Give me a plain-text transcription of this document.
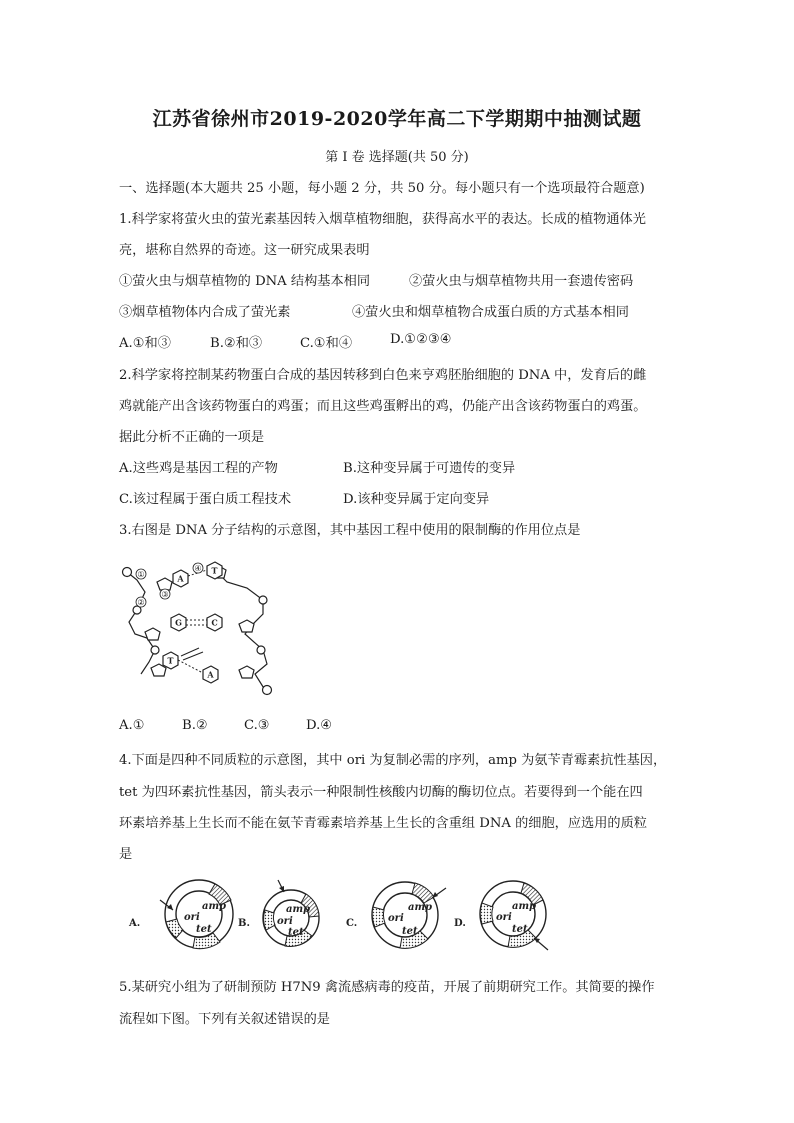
江苏省徐州市2019-2020学年高二下学期期中抽测试题
第 I 卷 选择题(共 50 分)
一、选择题(本大题共 25 小题，每小题 2 分，共 50 分。每小题只有一个选项最符合题意)
1.科学家将萤火虫的萤光素基因转入烟草植物细胞，获得高水平的表达。长成的植物通体光
亮，堪称自然界的奇迹。这一研究成果表明
①萤火虫与烟草植物的 DNA 结构基本相同	②萤火虫与烟草植物共用一套遗传密码
③烟草植物体内合成了萤光素	④萤火虫和烟草植物合成蛋白质的方式基本相同
A.①和③	B.②和③	C.①和④	D.①②③④
2.科学家将控制某药物蛋白合成的基因转移到白色来亨鸡胚胎细胞的 DNA 中，发育后的雌
鸡就能产出含该药物蛋白的鸡蛋；而且这些鸡蛋孵出的鸡，仍能产出含该药物蛋白的鸡蛋。
据此分析不正确的一项是
A.这些鸡是基因工程的产物	B.这种变异属于可遗传的变异
C.该过程属于蛋白质工程技术	D.该种变异属于定向变异
3.右图是 DNA 分子结构的示意图，其中基因工程中使用的限制酶的作用位点是
A
T
G	C
T
A
①
②
③
④
A.①	B.②	C.③	D.④
4.下面是四种不同质粒的示意图，其中 ori 为复制必需的序列，amp 为氨苄青霉素抗性基因，
tet 为四环素抗性基因，箭头表示一种限制性核酸内切酶的酶切位点。若要得到一个能在四
环素培养基上生长而不能在氨苄青霉素培养基上生长的含重组 DNA 的细胞，应选用的质粒
是
A.
amp
ori
tet
B.
amp
ori
tet
C.
amp
ori
tet
D.
amp
ori
tet
5.某研究小组为了研制预防 H7N9 禽流感病毒的疫苗，开展了前期研究工作。其简要的操作
流程如下图。下列有关叙述错误的是
